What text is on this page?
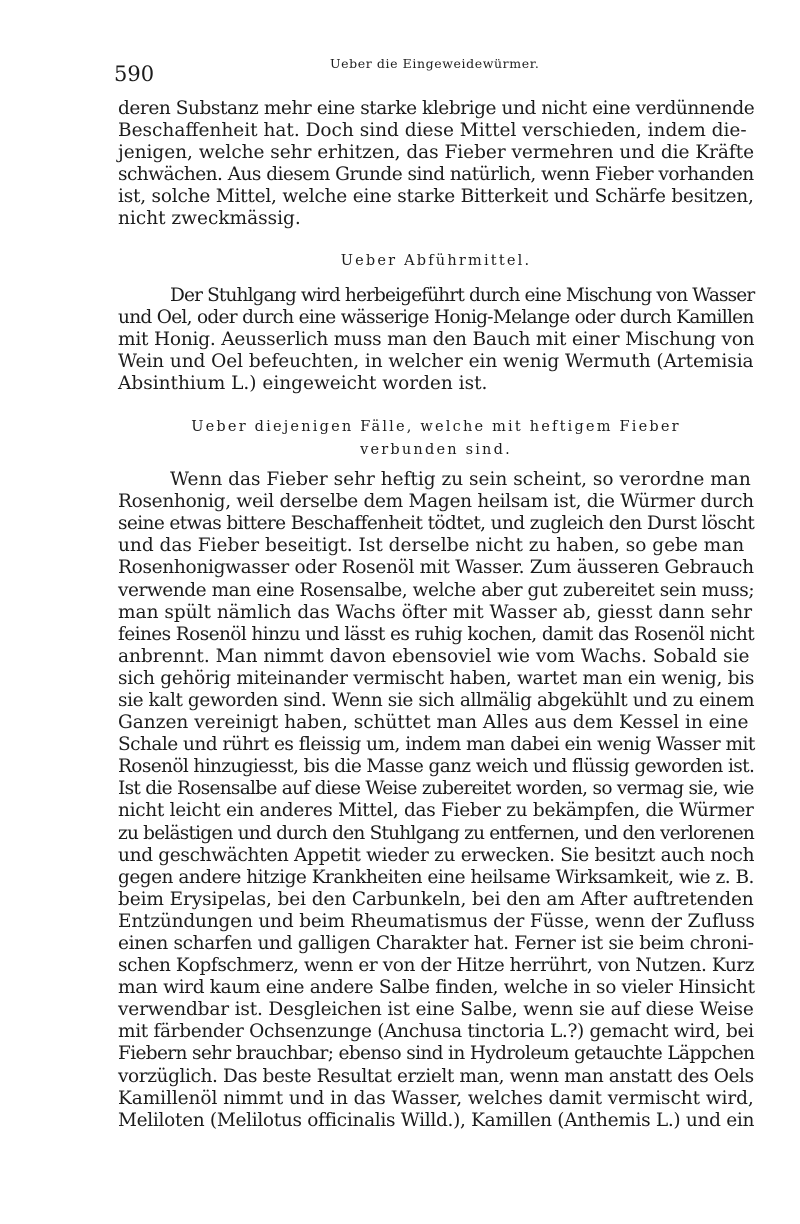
590	Ueber die Eingeweidewürmer.
deren Substanz mehr eine starke klebrige und nicht eine verdünnende
Beschaffenheit hat. Doch sind diese Mittel verschieden, indem die-
jenigen, welche sehr erhitzen, das Fieber vermehren und die Kräfte
schwächen. Aus diesem Grunde sind natürlich, wenn Fieber vorhanden
ist, solche Mittel, welche eine starke Bitterkeit und Schärfe besitzen,
nicht zweckmässig.
Ueber Abführmittel.
Der Stuhlgang wird herbeigeführt durch eine Mischung von Wasser
und Oel, oder durch eine wässerige Honig-Melange oder durch Kamillen
mit Honig. Aeusserlich muss man den Bauch mit einer Mischung von
Wein und Oel befeuchten, in welcher ein wenig Wermuth (Artemisia
Absinthium L.) eingeweicht worden ist.
Ueber diejenigen Fälle, welche mit heftigem Fieber
verbunden sind.
Wenn das Fieber sehr heftig zu sein scheint, so verordne man
Rosenhonig, weil derselbe dem Magen heilsam ist, die Würmer durch
seine etwas bittere Beschaffenheit tödtet, und zugleich den Durst löscht
und das Fieber beseitigt. Ist derselbe nicht zu haben, so gebe man
Rosenhonigwasser oder Rosenöl mit Wasser. Zum äusseren Gebrauch
verwende man eine Rosensalbe, welche aber gut zubereitet sein muss;
man spült nämlich das Wachs öfter mit Wasser ab, giesst dann sehr
feines Rosenöl hinzu und lässt es ruhig kochen, damit das Rosenöl nicht
anbrennt. Man nimmt davon ebensoviel wie vom Wachs. Sobald sie
sich gehörig miteinander vermischt haben, wartet man ein wenig, bis
sie kalt geworden sind. Wenn sie sich allmälig abgekühlt und zu einem
Ganzen vereinigt haben, schüttet man Alles aus dem Kessel in eine
Schale und rührt es fleissig um, indem man dabei ein wenig Wasser mit
Rosenöl hinzugiesst, bis die Masse ganz weich und flüssig geworden ist.
Ist die Rosensalbe auf diese Weise zubereitet worden, so vermag sie, wie
nicht leicht ein anderes Mittel, das Fieber zu bekämpfen, die Würmer
zu belästigen und durch den Stuhlgang zu entfernen, und den verlorenen
und geschwächten Appetit wieder zu erwecken. Sie besitzt auch noch
gegen andere hitzige Krankheiten eine heilsame Wirksamkeit, wie z. B.
beim Erysipelas, bei den Carbunkeln, bei den am After auftretenden
Entzündungen und beim Rheumatismus der Füsse, wenn der Zufluss
einen scharfen und galligen Charakter hat. Ferner ist sie beim chroni-
schen Kopfschmerz, wenn er von der Hitze herrührt, von Nutzen. Kurz
man wird kaum eine andere Salbe finden, welche in so vieler Hinsicht
verwendbar ist. Desgleichen ist eine Salbe, wenn sie auf diese Weise
mit färbender Ochsenzunge (Anchusa tinctoria L.?) gemacht wird, bei
Fiebern sehr brauchbar; ebenso sind in Hydroleum getauchte Läppchen
vorzüglich. Das beste Resultat erzielt man, wenn man anstatt des Oels
Kamillenöl nimmt und in das Wasser, welches damit vermischt wird,
Meliloten (Melilotus officinalis Willd.), Kamillen (Anthemis L.) und ein
